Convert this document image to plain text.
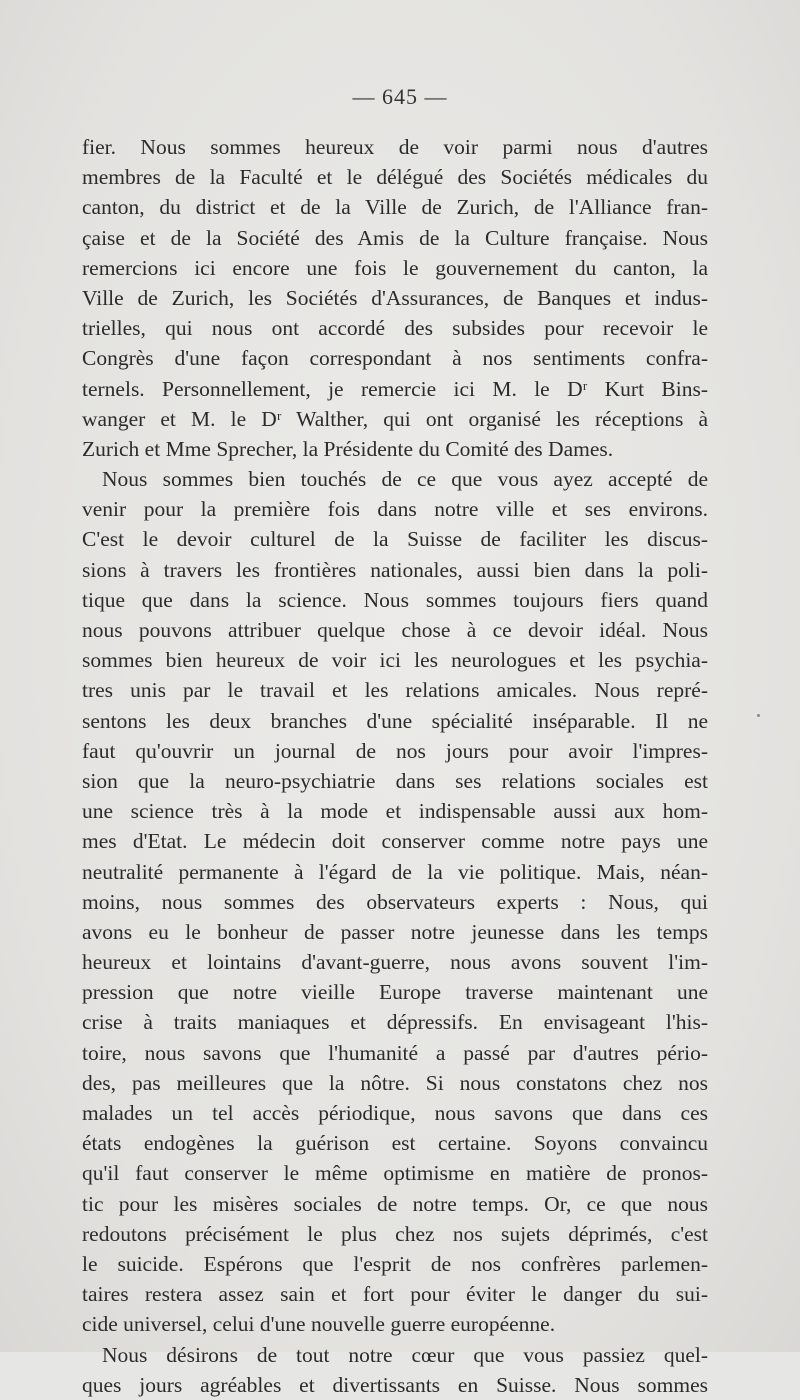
— 645 —
fier. Nous sommes heureux de voir parmi nous d'autres
membres de la Faculté et le délégué des Sociétés médicales du
canton, du district et de la Ville de Zurich, de l'Alliance fran-
çaise et de la Société des Amis de la Culture française. Nous
remercions ici encore une fois le gouvernement du canton, la
Ville de Zurich, les Sociétés d'Assurances, de Banques et indus-
trielles, qui nous ont accordé des subsides pour recevoir le
Congrès d'une façon correspondant à nos sentiments confra-
ternels. Personnellement, je remercie ici M. le Dʳ Kurt Bins-
wanger et M. le Dʳ Walther, qui ont organisé les réceptions à
Zurich et Mme Sprecher, la Présidente du Comité des Dames.
Nous sommes bien touchés de ce que vous ayez accepté de
venir pour la première fois dans notre ville et ses environs.
C'est le devoir culturel de la Suisse de faciliter les discus-
sions à travers les frontières nationales, aussi bien dans la poli-
tique que dans la science. Nous sommes toujours fiers quand
nous pouvons attribuer quelque chose à ce devoir idéal. Nous
sommes bien heureux de voir ici les neurologues et les psychia-
tres unis par le travail et les relations amicales. Nous repré-
sentons les deux branches d'une spécialité inséparable. Il ne
faut qu'ouvrir un journal de nos jours pour avoir l'impres-
sion que la neuro-psychiatrie dans ses relations sociales est
une science très à la mode et indispensable aussi aux hom-
mes d'Etat. Le médecin doit conserver comme notre pays une
neutralité permanente à l'égard de la vie politique. Mais, néan-
moins, nous sommes des observateurs experts : Nous, qui
avons eu le bonheur de passer notre jeunesse dans les temps
heureux et lointains d'avant-guerre, nous avons souvent l'im-
pression que notre vieille Europe traverse maintenant une
crise à traits maniaques et dépressifs. En envisageant l'his-
toire, nous savons que l'humanité a passé par d'autres pério-
des, pas meilleures que la nôtre. Si nous constatons chez nos
malades un tel accès périodique, nous savons que dans ces
états endogènes la guérison est certaine. Soyons convaincu
qu'il faut conserver le même optimisme en matière de pronos-
tic pour les misères sociales de notre temps. Or, ce que nous
redoutons précisément le plus chez nos sujets déprimés, c'est
le suicide. Espérons que l'esprit de nos confrères parlemen-
taires restera assez sain et fort pour éviter le danger du sui-
cide universel, celui d'une nouvelle guerre européenne.
Nous désirons de tout notre cœur que vous passiez quel-
ques jours agréables et divertissants en Suisse. Nous sommes
